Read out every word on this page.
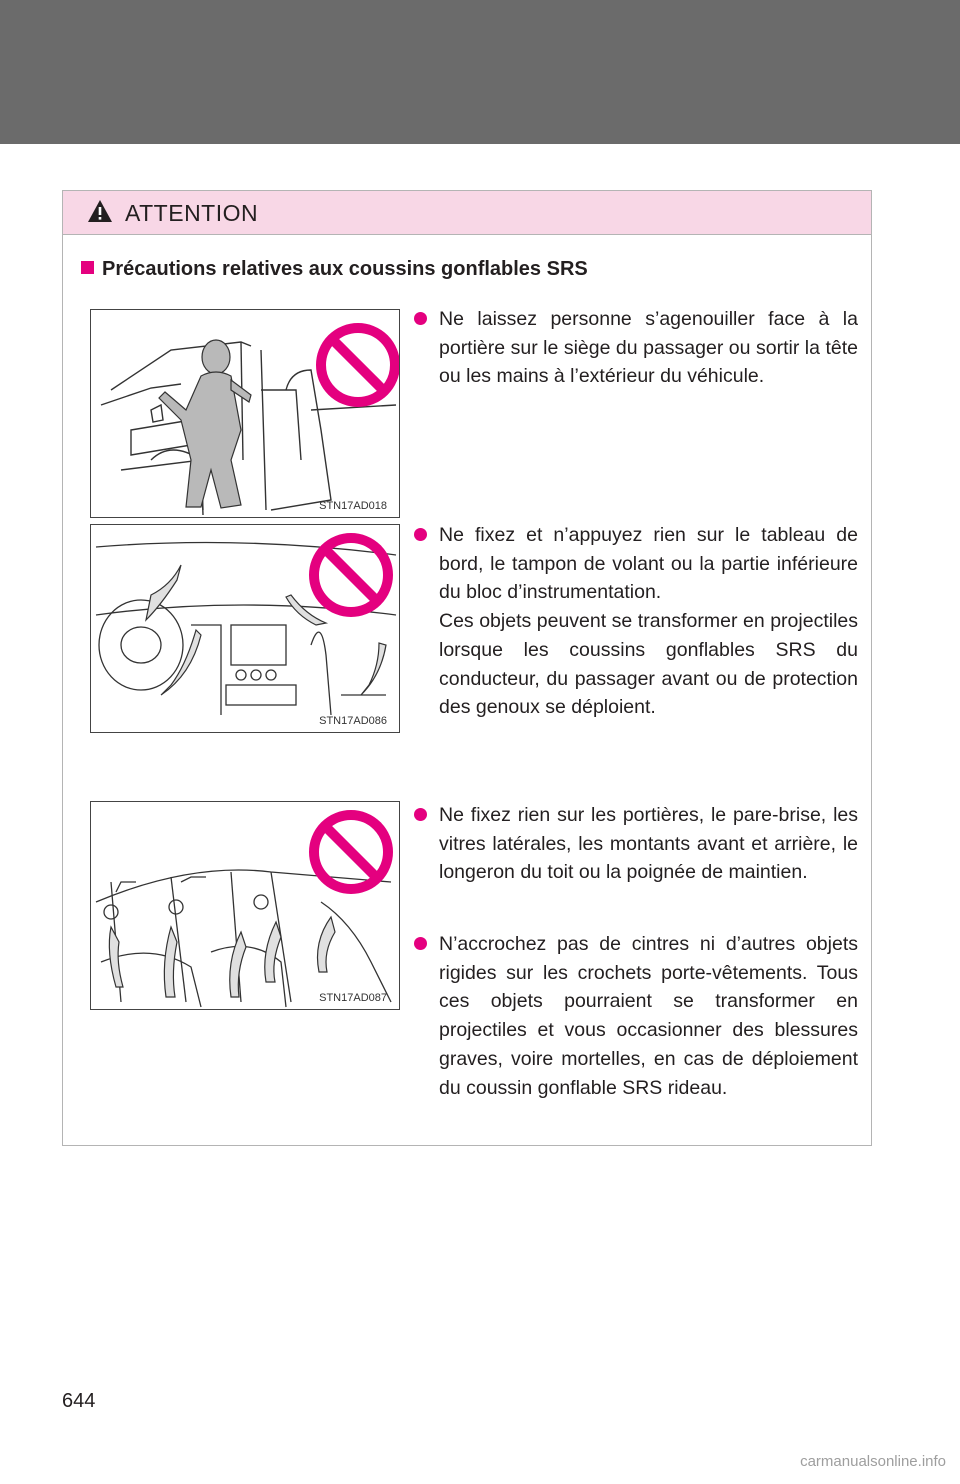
ATTENTION
Précautions relatives aux coussins gonflables SRS
STN17AD018
STN17AD086
STN17AD087
Ne laissez personne s’agenouiller face à la portière sur le siège du passager ou sortir la tête ou les mains à l’extérieur du véhicule.
Ne fixez et n’appuyez rien sur le tableau de bord, le tampon de volant ou la partie inférieure du bloc d’instrumentation.
Ces objets peuvent se transformer en projectiles lorsque les coussins gonflables SRS du conducteur, du passager avant ou de protection des genoux se déploient.
Ne fixez rien sur les portières, le pare-brise, les vitres latérales, les montants avant et arrière, le longeron du toit ou la poignée de maintien.
N’accrochez pas de cintres ni d’autres objets rigides sur les crochets porte-vêtements. Tous ces objets pourraient se transformer en projectiles et vous occasionner des blessures graves, voire mortelles, en cas de déploiement du coussin gonflable SRS rideau.
644
carmanualsonline.info
